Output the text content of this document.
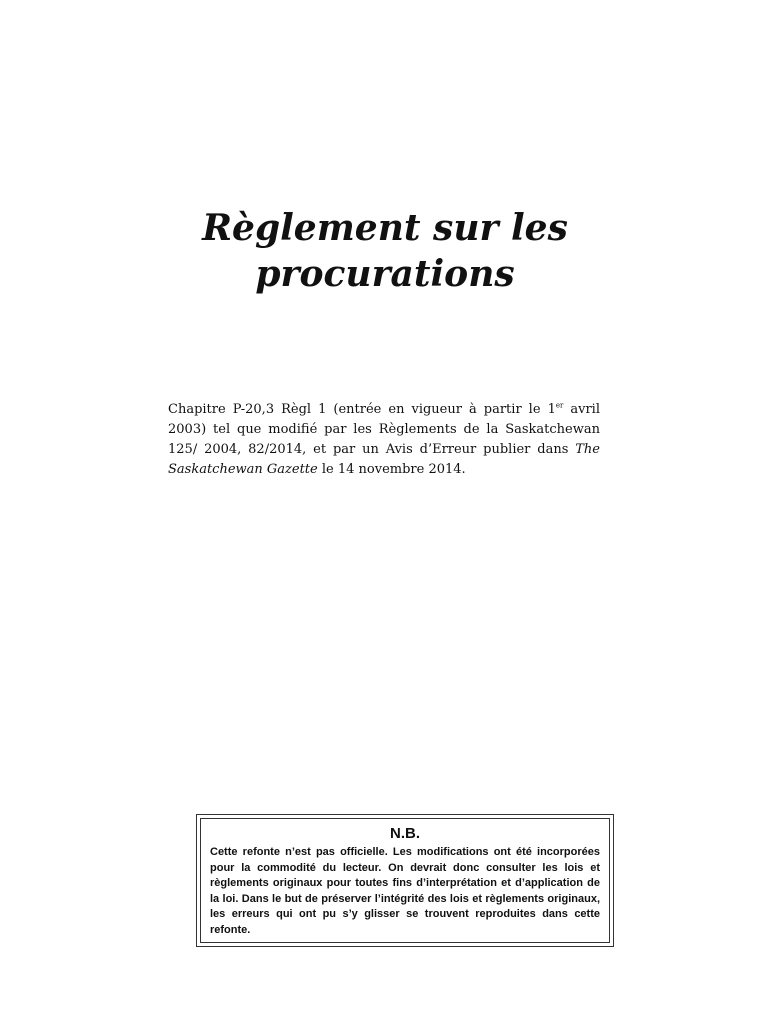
Règlement sur les
procurations

Chapitre P-20,3 Règl 1 (entrée en vigueur à partir le 1er avril 2003) tel que modifié par les Règlements de la Saskatchewan 125/ 2004, 82/2014, et par un Avis d’Erreur publier dans The Saskatchewan Gazette le 14 novembre 2014.

N.B.

Cette refonte n’est pas officielle. Les modifications ont été incorporées pour la commodité du lecteur. On devrait donc consulter les lois et règlements originaux pour toutes fins d’interprétation et d’application de la loi. Dans le but de préserver l’intégrité des lois et règlements originaux, les erreurs qui ont pu s’y glisser se trouvent reproduites dans cette refonte.
